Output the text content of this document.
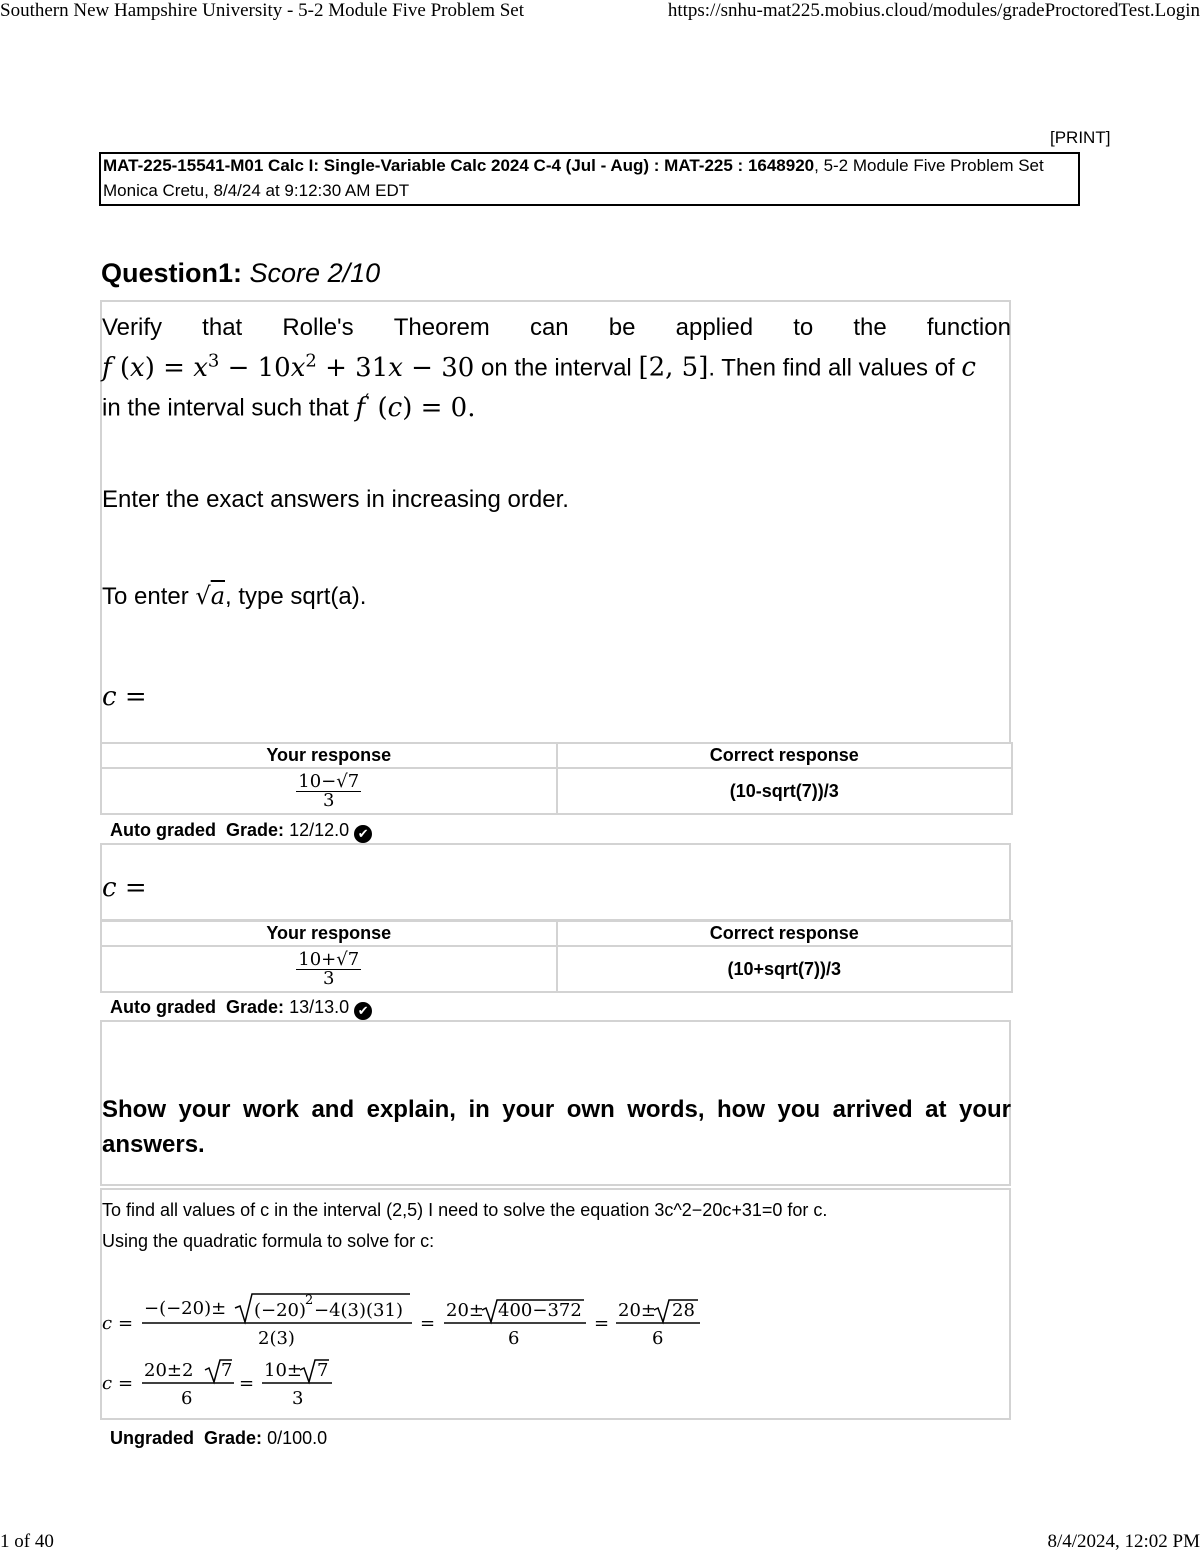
Southern New Hampshire University - 5-2 Module Five Problem Set	https://snhu-mat225.mobius.cloud/modules/gradeProctoredTest.Login
[PRINT]
MAT-225-15541-M01 Calc I: Single-Variable Calc 2024 C-4 (Jul - Aug) : MAT-225 : 1648920, 5-2 Module Five Problem Set
Monica Cretu, 8/4/24 at 9:12:30 AM EDT
Question1: Score 2/10
Verify that Rolle's Theorem can be applied to the function
f $(x) = x^3 - 10x^2 + 31x - 30$ on the interval [2, 5]. Then find all values of c
in the interval such that f′ (c) = 0.
Enter the exact answers in increasing order.
To enter √a, type sqrt(a).
c =
Your response	Correct response

$\frac{10-√7}{3}$	(10-sqrt(7))/3
Auto graded Grade: 12/12.0 ✔
c =
Your response	Correct response

$\frac{10+√7}{3}$	(10+sqrt(7))/3
Auto graded Grade: 13/13.0 ✔
Show your work and explain, in your own words, how you arrived at your answers.
To find all values of c in the interval (2,5) I need to solve the equation 3c^2−20c+31=0 for c.
Using the quadratic formula to solve for c:
c =
−(−20)± (−20)
2 −4(3)(31)
2(3)
=
20± 400−372
6
=
20± 28
6
c =
20±2 7
6
=
10± 7
3
Ungraded Grade: 0/100.0
1 of 40	8/4/2024, 12:02 PM
